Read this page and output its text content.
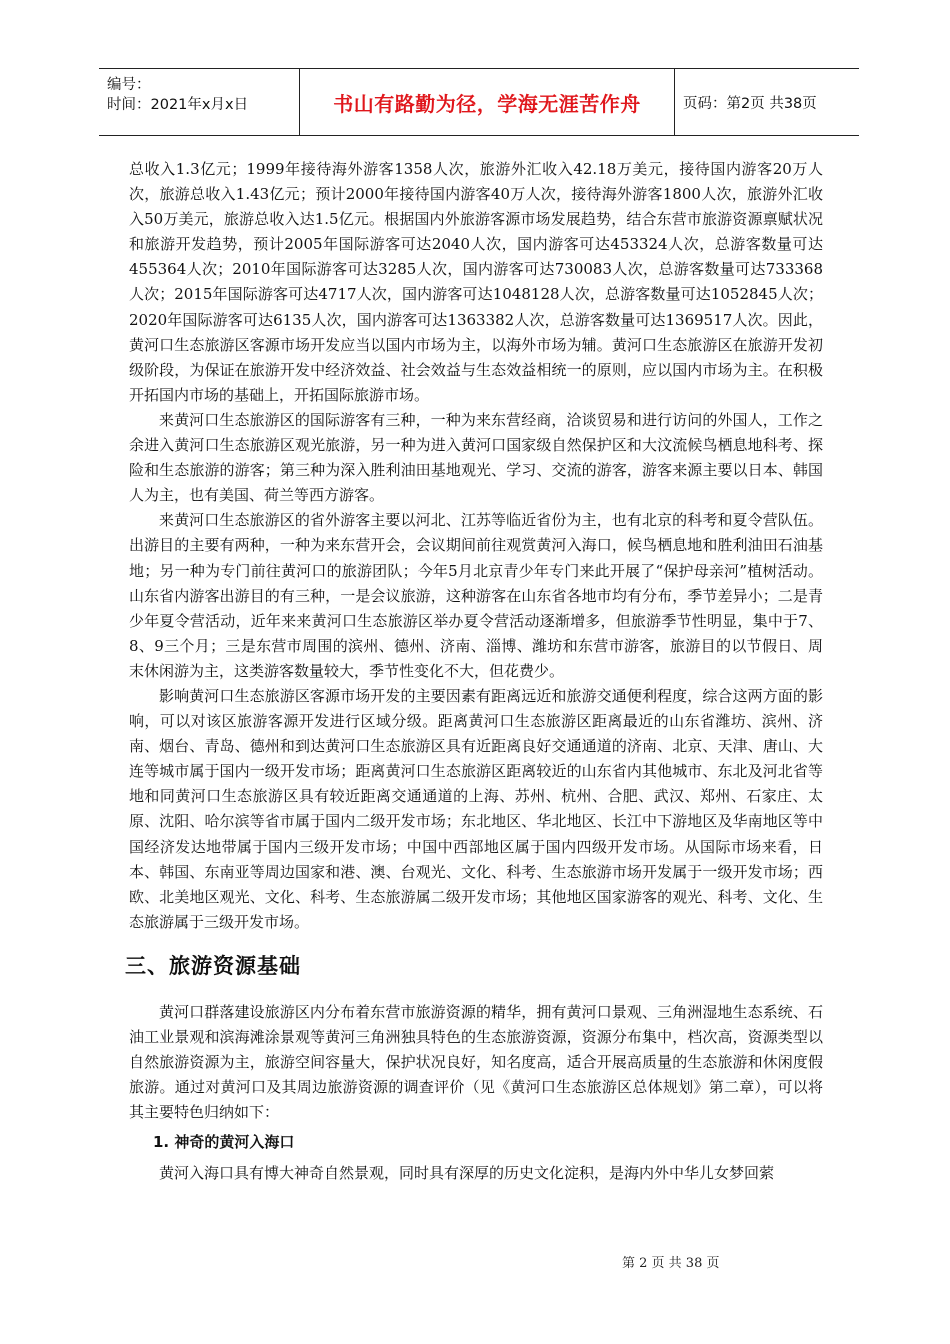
编号：
时间：2021年x月x日	书山有路勤为径，学海无涯苦作舟	页码：第2页 共38页

总收入1.3亿元；1999年接待海外游客1358人次，旅游外汇收入42.18万美元，接待国内游客20万人次，旅游总收入1.43亿元；预计2000年接待国内游客40万人次，接待海外游客1800人次，旅游外汇收入50万美元，旅游总收入达1.5亿元。根据国内外旅游客源市场发展趋势，结合东营市旅游资源禀赋状况和旅游开发趋势，预计2005年国际游客可达2040人次，国内游客可达453324人次，总游客数量可达455364人次；2010年国际游客可达3285人次，国内游客可达730083人次，总游客数量可达733368人次；2015年国际游客可达4717人次，国内游客可达1048128人次，总游客数量可达1052845人次；2020年国际游客可达6135人次，国内游客可达1363382人次，总游客数量可达1369517人次。因此，黄河口生态旅游区客源市场开发应当以国内市场为主，以海外市场为辅。黄河口生态旅游区在旅游开发初级阶段，为保证在旅游开发中经济效益、社会效益与生态效益相统一的原则，应以国内市场为主。在积极开拓国内市场的基础上，开拓国际旅游市场。

来黄河口生态旅游区的国际游客有三种，一种为来东营经商，洽谈贸易和进行访问的外国人，工作之余进入黄河口生态旅游区观光旅游，另一种为进入黄河口国家级自然保护区和大汶流候鸟栖息地科考、探险和生态旅游的游客；第三种为深入胜利油田基地观光、学习、交流的游客，游客来源主要以日本、韩国人为主，也有美国、荷兰等西方游客。

来黄河口生态旅游区的省外游客主要以河北、江苏等临近省份为主，也有北京的科考和夏令营队伍。出游目的主要有两种，一种为来东营开会，会议期间前往观赏黄河入海口，候鸟栖息地和胜利油田石油基地；另一种为专门前往黄河口的旅游团队；今年5月北京青少年专门来此开展了“保护母亲河”植树活动。山东省内游客出游目的有三种，一是会议旅游，这种游客在山东省各地市均有分布，季节差异小；二是青少年夏令营活动，近年来来黄河口生态旅游区举办夏令营活动逐渐增多，但旅游季节性明显，集中于7、8、9三个月；三是东营市周围的滨州、德州、济南、淄博、潍坊和东营市游客，旅游目的以节假日、周末休闲游为主，这类游客数量较大，季节性变化不大，但花费少。

影响黄河口生态旅游区客源市场开发的主要因素有距离远近和旅游交通便利程度，综合这两方面的影响，可以对该区旅游客源开发进行区域分级。距离黄河口生态旅游区距离最近的山东省潍坊、滨州、济南、烟台、青岛、德州和到达黄河口生态旅游区具有近距离良好交通通道的济南、北京、天津、唐山、大连等城市属于国内一级开发市场；距离黄河口生态旅游区距离较近的山东省内其他城市、东北及河北省等地和同黄河口生态旅游区具有较近距离交通通道的上海、苏州、杭州、合肥、武汉、郑州、石家庄、太原、沈阳、哈尔滨等省市属于国内二级开发市场；东北地区、华北地区、长江中下游地区及华南地区等中国经济发达地带属于国内三级开发市场；中国中西部地区属于国内四级开发市场。从国际市场来看，日本、韩国、东南亚等周边国家和港、澳、台观光、文化、科考、生态旅游市场开发属于一级开发市场；西欧、北美地区观光、文化、科考、生态旅游属二级开发市场；其他地区国家游客的观光、科考、文化、生态旅游属于三级开发市场。

三、旅游资源基础

黄河口群落建设旅游区内分布着东营市旅游资源的精华，拥有黄河口景观、三角洲湿地生态系统、石油工业景观和滨海滩涂景观等黄河三角洲独具特色的生态旅游资源，资源分布集中，档次高，资源类型以自然旅游资源为主，旅游空间容量大，保护状况良好，知名度高，适合开展高质量的生态旅游和休闲度假旅游。通过对黄河口及其周边旅游资源的调查评价（见《黄河口生态旅游区总体规划》第二章），可以将其主要特色归纳如下：

1. 神奇的黄河入海口

黄河入海口具有博大神奇自然景观，同时具有深厚的历史文化淀积，是海内外中华儿女梦回萦

第 2 页 共 38 页
